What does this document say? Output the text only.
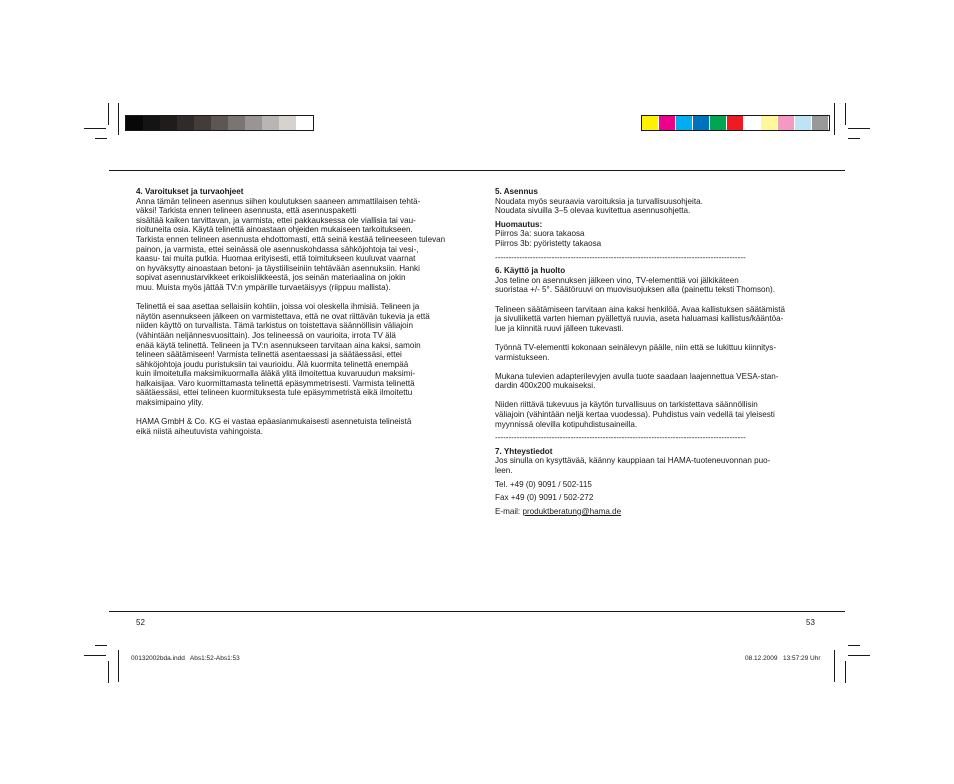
4. Varoitukset ja turvaohjeet
Anna tämän telineen asennus siihen koulutuksen saaneen ammattilaisen tehtä-
väksi! Tarkista ennen telineen asennusta, että asennuspaketti
sisältää kaiken tarvittavan, ja varmista, ettei pakkauksessa ole viallisia tai vau-
rioituneita osia. Käytä telinettä ainoastaan ohjeiden mukaiseen tarkoitukseen.
Tarkista ennen telineen asennusta ehdottomasti, että seinä kestää telineeseen tulevan
painon, ja varmista, ettei seinässä ole asennuskohdassa sähköjohtoja tai vesi-,
kaasu- tai muita putkia. Huomaa erityisesti, että toimitukseen kuuluvat vaarnat
on hyväksytty ainoastaan betoni- ja täystiiliseiniin tehtävään asennuksiin. Hanki
sopivat asennustarvikkeet erikoisliikkeestä, jos seinän materiaalina on jokin
muu. Muista myös jättää TV:n ympärille turvaetäisyys (riippuu mallista).
Telinettä ei saa asettaa sellaisiin kohtiin, joissa voi oleskella ihmisiä. Telineen ja
näytön asennukseen jälkeen on varmistettava, että ne ovat riittävän tukevia ja että
niiden käyttö on turvallista. Tämä tarkistus on toistettava säännöllisin väliajoin
(vähintään neljännesvuosittain). Jos telineessä on vaurioita, irrota TV älä
enää käytä telinettä. Telineen ja TV:n asennukseen tarvitaan aina kaksi, samoin
telineen säätämiseen! Varmista telinettä asentaessasi ja säätäessäsi, ettei
sähköjohtoja joudu puristuksiin tai vaurioidu. Älä kuormita telinettä enempää
kuin ilmoitetulla maksimikuormalla äläkä ylitä ilmoitettua kuvaruudun maksimi-
halkaisijaa. Varo kuormittamasta telinettä epäsymmetrisesti. Varmista telinettä
säätäessäsi, ettei telineen kuormituksesta tule epäsymmetristä eikä ilmoitettu
maksimipaino ylity.
HAMA GmbH & Co. KG ei vastaa epäasianmukaisesti asennetuista telineistä
eikä niistä aiheutuvista vahingoista.
5. Asennus
Noudata myös seuraavia varoituksia ja turvallisuusohjeita.
Noudata sivuilla 3–5 olevaa kuvitettua asennusohjetta.
Huomautus:
Piirros 3a: suora takaosa
Piirros 3b: pyöristetty takaosa
---------------------------------------------------------------------------------------------
6. Käyttö ja huolto
Jos teline on asennuksen jälkeen vino, TV-elementtiä voi jälkikäteen
suoristaa +/- 5°. Säätöruuvi on muovisuojuksen alla (painettu teksti Thomson).
Telineen säätämiseen tarvitaan aina kaksi henkilöä. Avaa kallistuksen säätämistä
ja sivuliikettä varten hieman pyällettyä ruuvia, aseta haluamasi kallistus/kääntöa-
lue ja kiinnitä ruuvi jälleen tukevasti.
Työnnä TV-elementti kokonaan seinälevyn päälle, niin että se lukittuu kiinnitys-
varmistukseen.
Mukana tulevien adapterilevyjen avulla tuote saadaan laajennettua VESA-stan-
dardin 400x200 mukaiseksi.
Niiden riittävä tukevuus ja käytön turvallisuus on tarkistettava säännöllisin
väliajoin (vähintään neljä kertaa vuodessa). Puhdistus vain vedellä tai yleisesti
myynnissä olevilla kotipuhdistusaineilla.
---------------------------------------------------------------------------------------------
7. Yhteystiedot
Jos sinulla on kysyttävää, käänny kauppiaan tai HAMA-tuoteneuvonnan puo-
leen.
Tel. +49 (0) 9091 / 502-115
Fax +49 (0) 9091 / 502-272
E-mail: produktberatung@hama.de
52	53
00132002bda.indd   Abs1:52-Abs1:53	08.12.2009   13:57:29 Uhr
